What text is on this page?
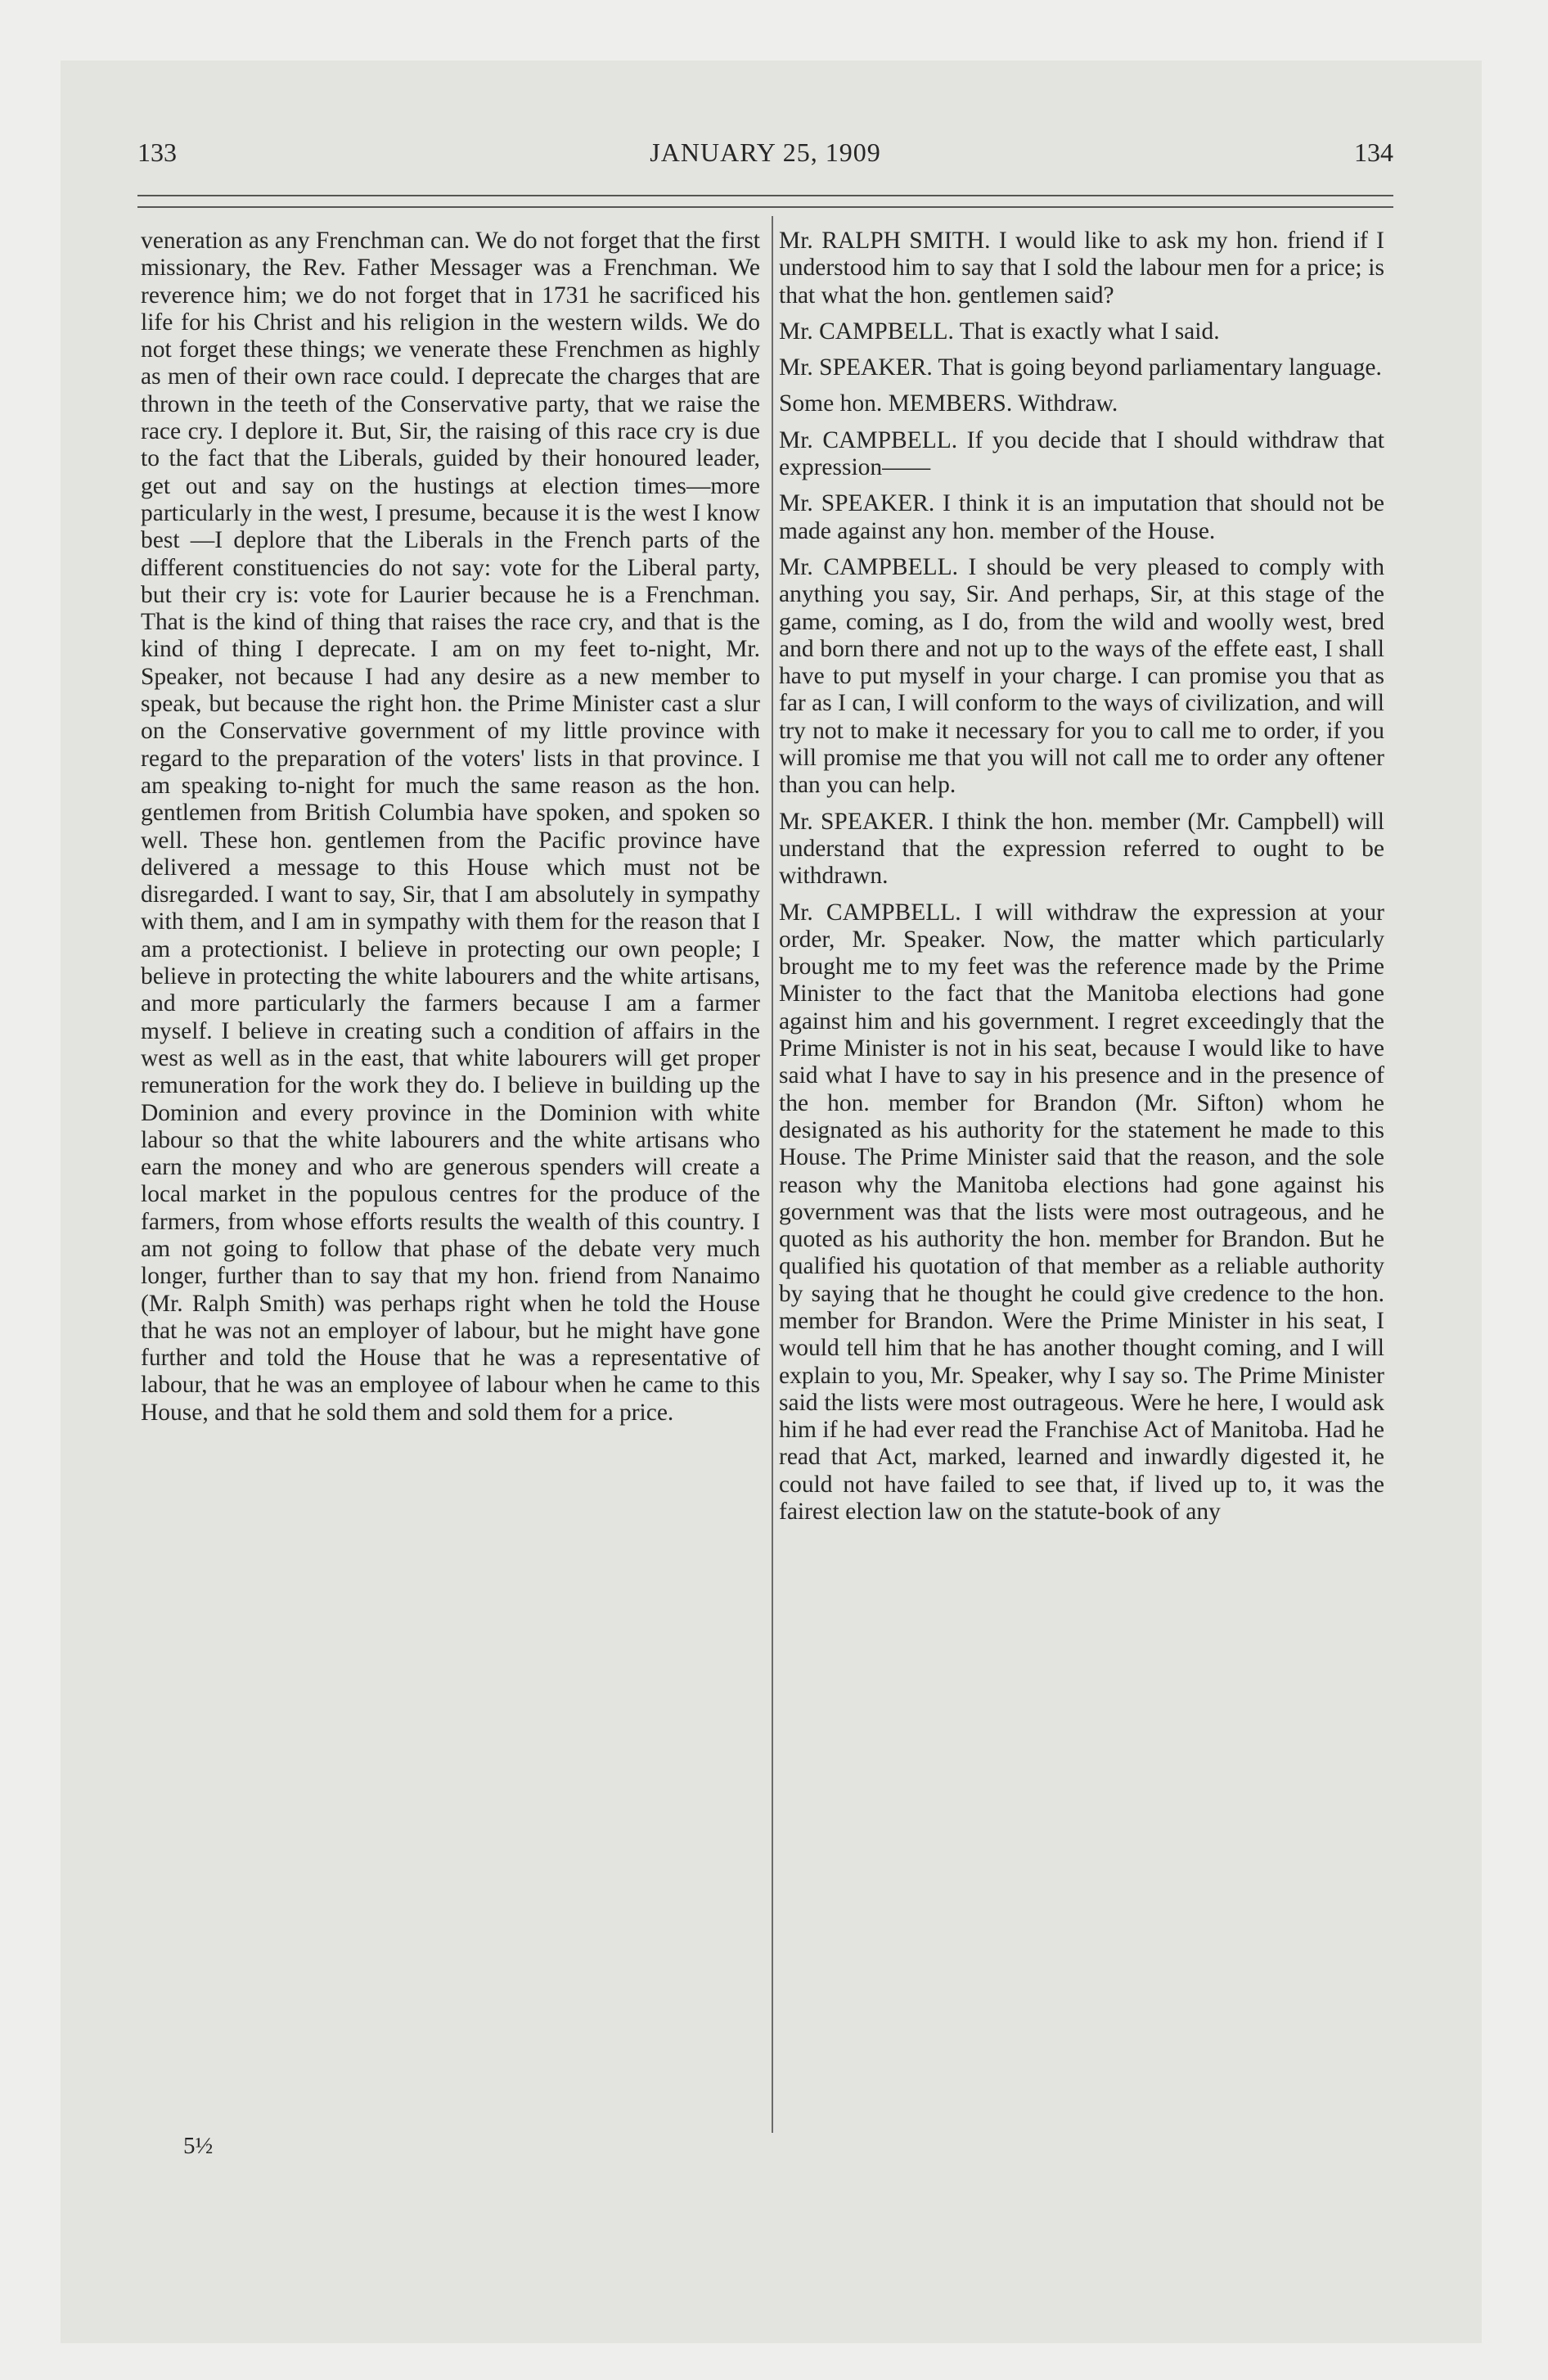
133	JANUARY 25, 1909	134

veneration as any Frenchman can. We do not forget that the first missionary, the Rev. Father Messager was a Frenchman. We reverence him; we do not forget that in 1731 he sacrificed his life for his Christ and his religion in the western wilds. We do not forget these things; we venerate these Frenchmen as highly as men of their own race could. I deprecate the charges that are thrown in the teeth of the Conservative party, that we raise the race cry. I deplore it. But, Sir, the raising of this race cry is due to the fact that the Liberals, guided by their honoured leader, get out and say on the hustings at election times—more particularly in the west, I presume, because it is the west I know best —I deplore that the Liberals in the French parts of the different constituencies do not say: vote for the Liberal party, but their cry is: vote for Laurier because he is a Frenchman. That is the kind of thing that raises the race cry, and that is the kind of thing I deprecate. I am on my feet to-night, Mr. Speaker, not because I had any desire as a new member to speak, but because the right hon. the Prime Minister cast a slur on the Conservative government of my little province with regard to the preparation of the voters' lists in that province. I am speaking to-night for much the same reason as the hon. gentlemen from British Columbia have spoken, and spoken so well. These hon. gentlemen from the Pacific province have delivered a message to this House which must not be disregarded. I want to say, Sir, that I am absolutely in sympathy with them, and I am in sympathy with them for the reason that I am a protectionist. I believe in protecting our own people; I believe in protecting the white labourers and the white artisans, and more particularly the farmers because I am a farmer myself. I believe in creating such a condition of affairs in the west as well as in the east, that white labourers will get proper remuneration for the work they do. I believe in building up the Dominion and every province in the Dominion with white labour so that the white labourers and the white artisans who earn the money and who are generous spenders will create a local market in the populous centres for the produce of the farmers, from whose efforts results the wealth of this country. I am not going to follow that phase of the debate very much longer, further than to say that my hon. friend from Nanaimo (Mr. Ralph Smith) was perhaps right when he told the House that he was not an employer of labour, but he might have gone further and told the House that he was a representative of labour, that he was an employee of labour when he came to this House, and that he sold them and sold them for a price.

Mr. RALPH SMITH. I would like to ask my hon. friend if I understood him to say that I sold the labour men for a price; is that what the hon. gentlemen said?

Mr. CAMPBELL. That is exactly what I said.

Mr. SPEAKER. That is going beyond parliamentary language.

Some hon. MEMBERS. Withdraw.

Mr. CAMPBELL. If you decide that I should withdraw that expression——

Mr. SPEAKER. I think it is an imputation that should not be made against any hon. member of the House.

Mr. CAMPBELL. I should be very pleased to comply with anything you say, Sir. And perhaps, Sir, at this stage of the game, coming, as I do, from the wild and woolly west, bred and born there and not up to the ways of the effete east, I shall have to put myself in your charge. I can promise you that as far as I can, I will conform to the ways of civilization, and will try not to make it necessary for you to call me to order, if you will promise me that you will not call me to order any oftener than you can help.

Mr. SPEAKER. I think the hon. member (Mr. Campbell) will understand that the expression referred to ought to be withdrawn.

Mr. CAMPBELL. I will withdraw the expression at your order, Mr. Speaker. Now, the matter which particularly brought me to my feet was the reference made by the Prime Minister to the fact that the Manitoba elections had gone against him and his government. I regret exceedingly that the Prime Minister is not in his seat, because I would like to have said what I have to say in his presence and in the presence of the hon. member for Brandon (Mr. Sifton) whom he designated as his authority for the statement he made to this House. The Prime Minister said that the reason, and the sole reason why the Manitoba elections had gone against his government was that the lists were most outrageous, and he quoted as his authority the hon. member for Brandon. But he qualified his quotation of that member as a reliable authority by saying that he thought he could give credence to the hon. member for Brandon. Were the Prime Minister in his seat, I would tell him that he has another thought coming, and I will explain to you, Mr. Speaker, why I say so. The Prime Minister said the lists were most outrageous. Were he here, I would ask him if he had ever read the Franchise Act of Manitoba. Had he read that Act, marked, learned and inwardly digested it, he could not have failed to see that, if lived up to, it was the fairest election law on the statute-book of any

5½
